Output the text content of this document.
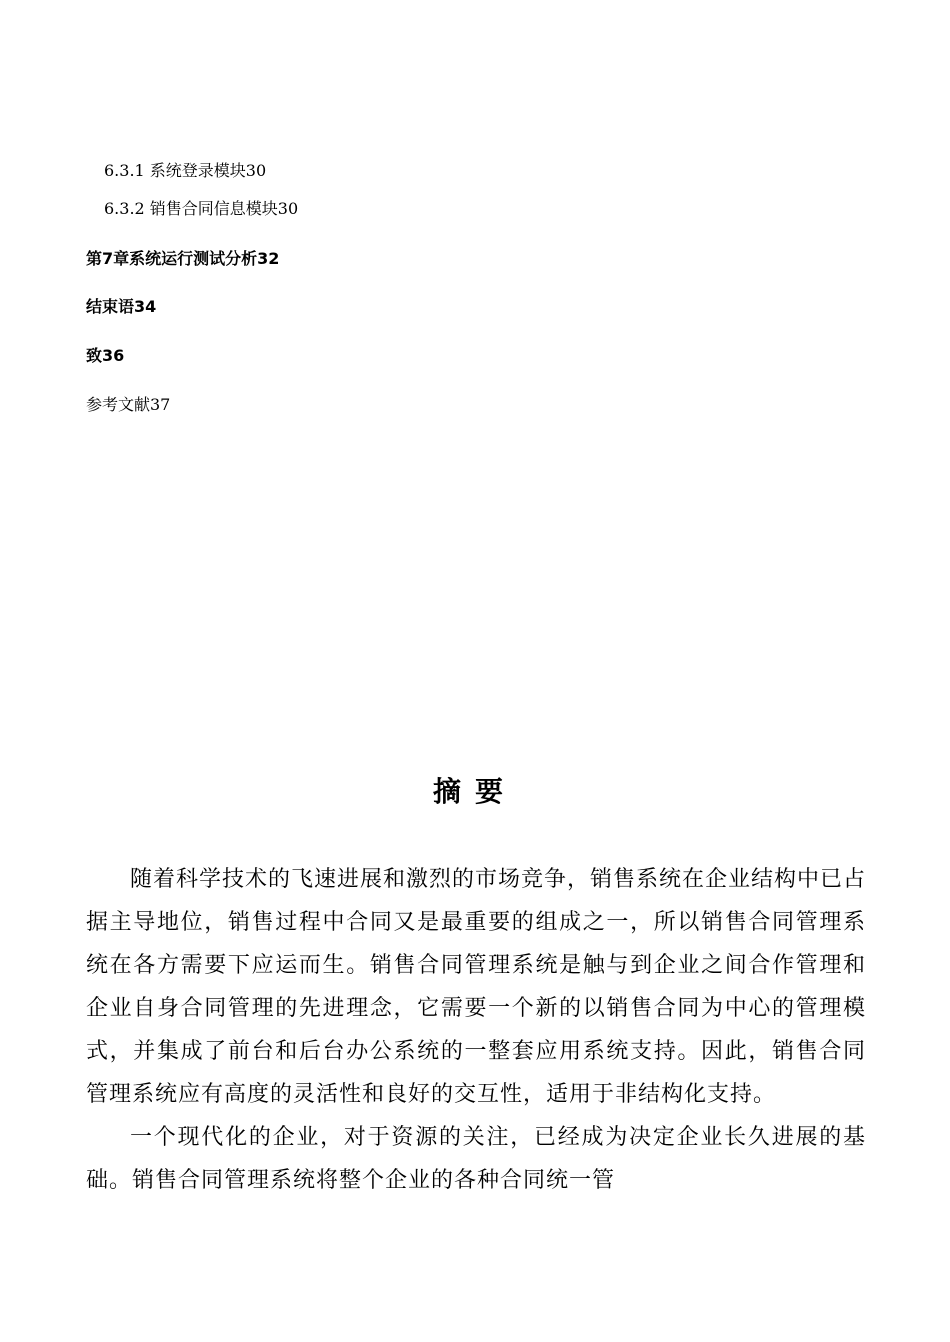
6.3.1 系统登录模块30
6.3.2 销售合同信息模块30
第7章系统运行测试分析32
结束语34
致36
参考文献37
摘要

随着科学技术的飞速进展和激烈的市场竞争，销售系统在企业结构中已占据主导地位，销售过程中合同又是最重要的组成之一，所以销售合同管理系统在各方需要下应运而生。销售合同管理系统是触与到企业之间合作管理和企业自身合同管理的先进理念，它需要一个新的以销售合同为中心的管理模式，并集成了前台和后台办公系统的一整套应用系统支持。因此，销售合同管理系统应有高度的灵活性和良好的交互性，适用于非结构化支持。

一个现代化的企业，对于资源的关注，已经成为决定企业长久进展的基础。销售合同管理系统将整个企业的各种合同统一管
